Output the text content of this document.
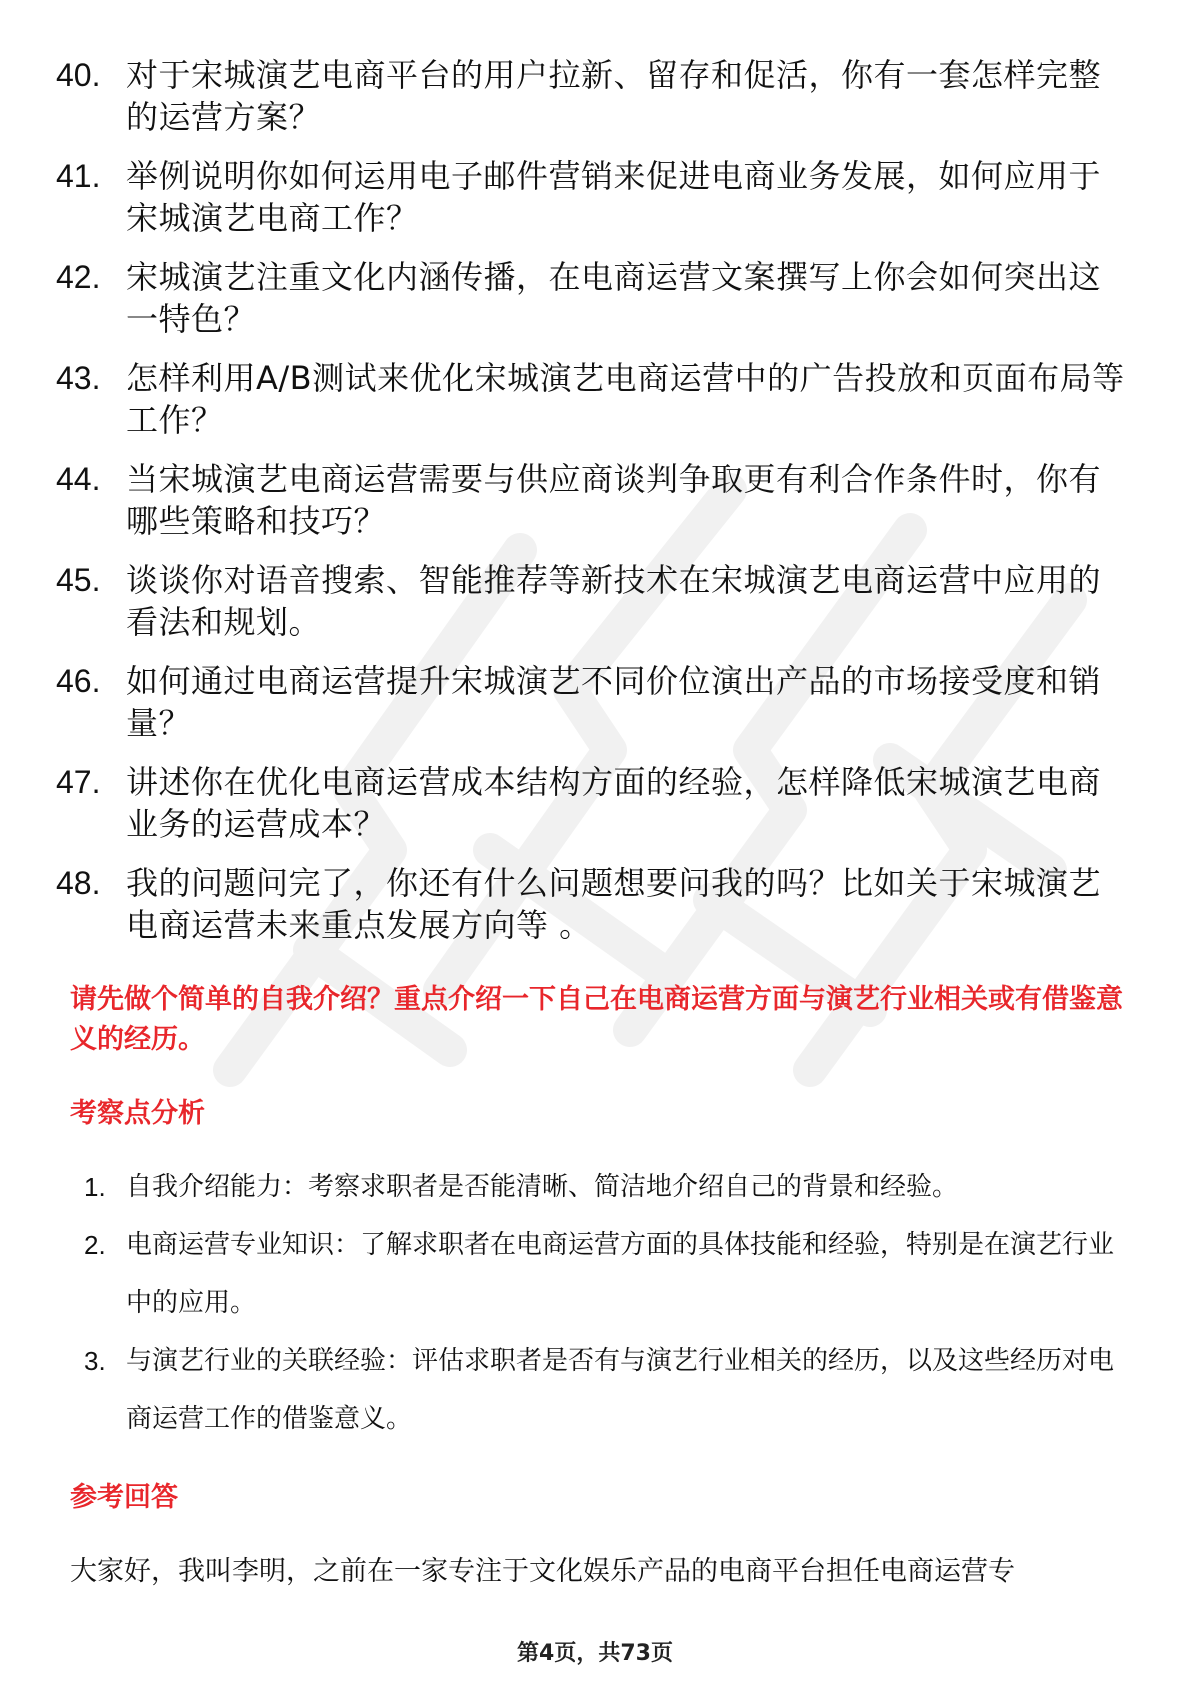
40. 对于宋城演艺电商平台的用户拉新、留存和促活，你有一套怎样完整的运营方案？
41. 举例说明你如何运用电子邮件营销来促进电商业务发展，如何应用于宋城演艺电商工作？
42. 宋城演艺注重文化内涵传播，在电商运营文案撰写上你会如何突出这一特色？
43. 怎样利用A/B测试来优化宋城演艺电商运营中的广告投放和页面布局等工作？
44. 当宋城演艺电商运营需要与供应商谈判争取更有利合作条件时，你有哪些策略和技巧？
45. 谈谈你对语音搜索、智能推荐等新技术在宋城演艺电商运营中应用的看法和规划。
46. 如何通过电商运营提升宋城演艺不同价位演出产品的市场接受度和销量？
47. 讲述你在优化电商运营成本结构方面的经验，怎样降低宋城演艺电商业务的运营成本？
48. 我的问题问完了，你还有什么问题想要问我的吗？比如关于宋城演艺电商运营未来重点发展方向等 。
请先做个简单的自我介绍？重点介绍一下自己在电商运营方面与演艺行业相关或有借鉴意义的经历。
考察点分析
1. 自我介绍能力：考察求职者是否能清晰、简洁地介绍自己的背景和经验。
2. 电商运营专业知识：了解求职者在电商运营方面的具体技能和经验，特别是在演艺行业中的应用。
3. 与演艺行业的关联经验：评估求职者是否有与演艺行业相关的经历，以及这些经历对电商运营工作的借鉴意义。
参考回答

大家好，我叫李明，之前在一家专注于文化娱乐产品的电商平台担任电商运营专

第4页，共73页
